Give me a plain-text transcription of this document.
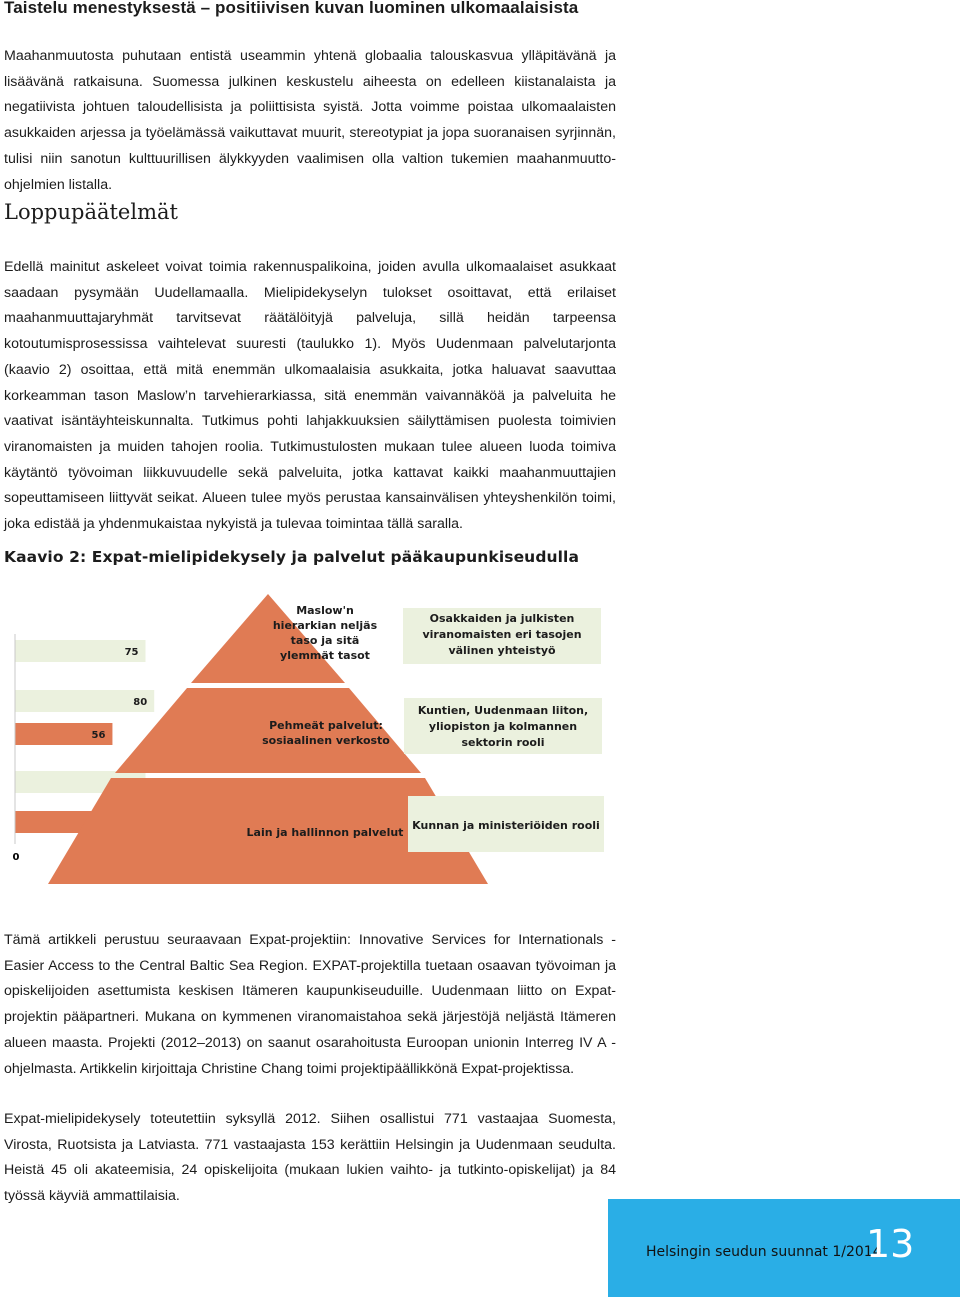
Taistelu menestyksestä – positiivisen kuvan luominen ulkomaalaisista
Maahanmuutosta puhutaan entistä useammin yhtenä globaalia talouskasvua ylläpitävänä ja lisäävänä ratkaisuna. Suomessa julkinen keskustelu aiheesta on edelleen kiistanalaista ja negatiivista johtuen taloudellisista ja poliittisista syistä. Jotta voimme poistaa ulkomaalaisten asukkaiden arjessa ja työelämässä vaikuttavat muurit, stereotypiat ja jopa suoranaisen syrjinnän, tulisi niin sanotun kulttuurillisen älykkyyden vaalimisen olla valtion tukemien maahanmuutto-ohjelmien listalla.
Loppupäätelmät
Edellä mainitut askeleet voivat toimia rakennuspalikoina, joiden avulla ulkomaalaiset asukkaat saadaan pysymään Uudellamaalla. Mielipidekyselyn tulokset osoittavat, että erilaiset maahanmuuttajaryhmät tarvitsevat räätälöityjä palveluja, sillä heidän tarpeensa kotoutumisprosessissa vaihtelevat suuresti (taulukko 1). Myös Uudenmaan palvelutarjonta (kaavio 2) osoittaa, että mitä enemmän ulkomaalaisia asukkaita, jotka haluavat saavuttaa korkeamman tason Maslow’n tarvehierarkiassa, sitä enemmän vaivannäköä ja palveluita he vaativat isäntäyhteiskunnalta. Tutkimus pohti lahjakkuuksien säilyttämisen puolesta toimivien viranomaisten ja muiden tahojen roolia. Tutkimustulosten mukaan tulee alueen luoda toimiva käytäntö työvoiman liikkuvuudelle sekä palveluita, jotka kattavat kaikki maahanmuuttajien sopeuttamiseen liittyvät seikat. Alueen tulee myös perustaa kansainvälisen yhteyshenkilön toimi, joka edistää ja yhdenmukaistaa nykyistä ja tulevaa toimintaa tällä saralla.
Kaavio 2: Expat-mielipidekysely ja palvelut pääkaupunkiseudulla
75
80
56
0
Maslow'n hierarkian neljäs taso ja sitä ylemmät tasot
Pehmeät palvelut: sosiaalinen verkosto
Lain ja hallinnon palvelut
Osakkaiden ja julkisten viranomaisten eri tasojen välinen yhteistyö
Kuntien, Uudenmaan liiton, yliopiston ja kolmannen sektorin rooli
Kunnan ja ministeriöiden rooli
Tämä artikkeli perustuu seuraavaan Expat-projektiin: Innovative Services for Internationals - Easier Access to the Central Baltic Sea Region. EXPAT-projektilla tuetaan osaavan työvoiman ja opiskelijoiden asettumista keskisen Itämeren kaupunkiseuduille. Uudenmaan liitto on Expat-projektin pääpartneri. Mukana on kymmenen viranomaistahoa sekä järjestöjä neljästä Itämeren alueen maasta. Projekti (2012–2013) on saanut osarahoitusta Euroopan unionin Interreg IV A -ohjelmasta. Artikkelin kirjoittaja Christine Chang toimi projektipäällikkönä Expat-projektissa.
Expat-mielipidekysely toteutettiin syksyllä 2012. Siihen osallistui 771 vastaajaa Suomesta, Virosta, Ruotsista ja Latviasta. 771 vastaajasta 153 kerättiin Helsingin ja Uudenmaan seudulta. Heistä 45 oli akateemisia, 24 opiskelijoita (mukaan lukien vaihto- ja tutkinto-opiskelijat) ja 84 työssä käyviä ammattilaisia.
Helsingin seudun suunnat 1/2014
13
